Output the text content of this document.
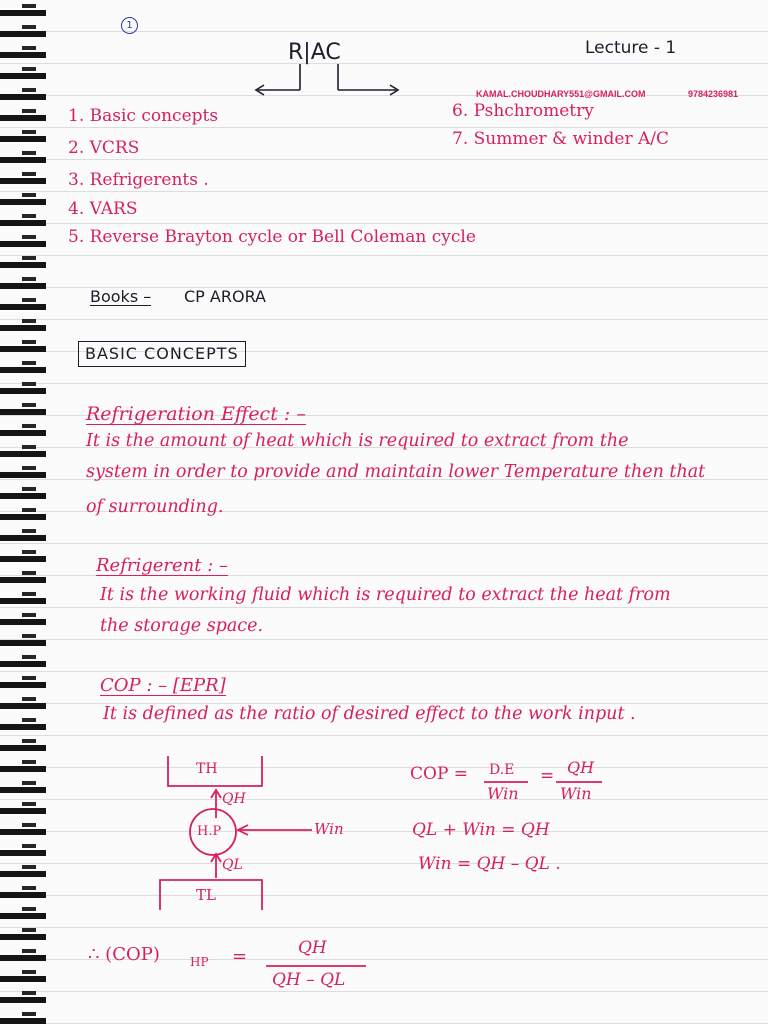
1
R|AC	Lecture - 1
KAMAL.CHOUDHARY551@GMAIL.COM	9784236981
1. Basic concepts
2. VCRS
3. Refrigerents .
4. VARS
5. Reverse Brayton cycle or Bell Coleman cycle
6. Pshchrometry
7. Summer & winder A/C
Books – CP ARORA
BASIC CONCEPTS
Refrigeration Effect : –
It is the amount of heat which is required to extract from the
system in order to provide and maintain lower Temperature then that
of surrounding.
Refrigerent : –
It is the working fluid which is required to extract the heat from
the storage space.
COP : – [EPR]
It is defined as the ratio of desired effect to the work input .
TH
QH
H.P	Win
QL
TL
COP = D.E
Win
= QH
Win
QL + Win = QH
Win = QH – QL .
∴ (COP)	HP =	QH
QH – QL
